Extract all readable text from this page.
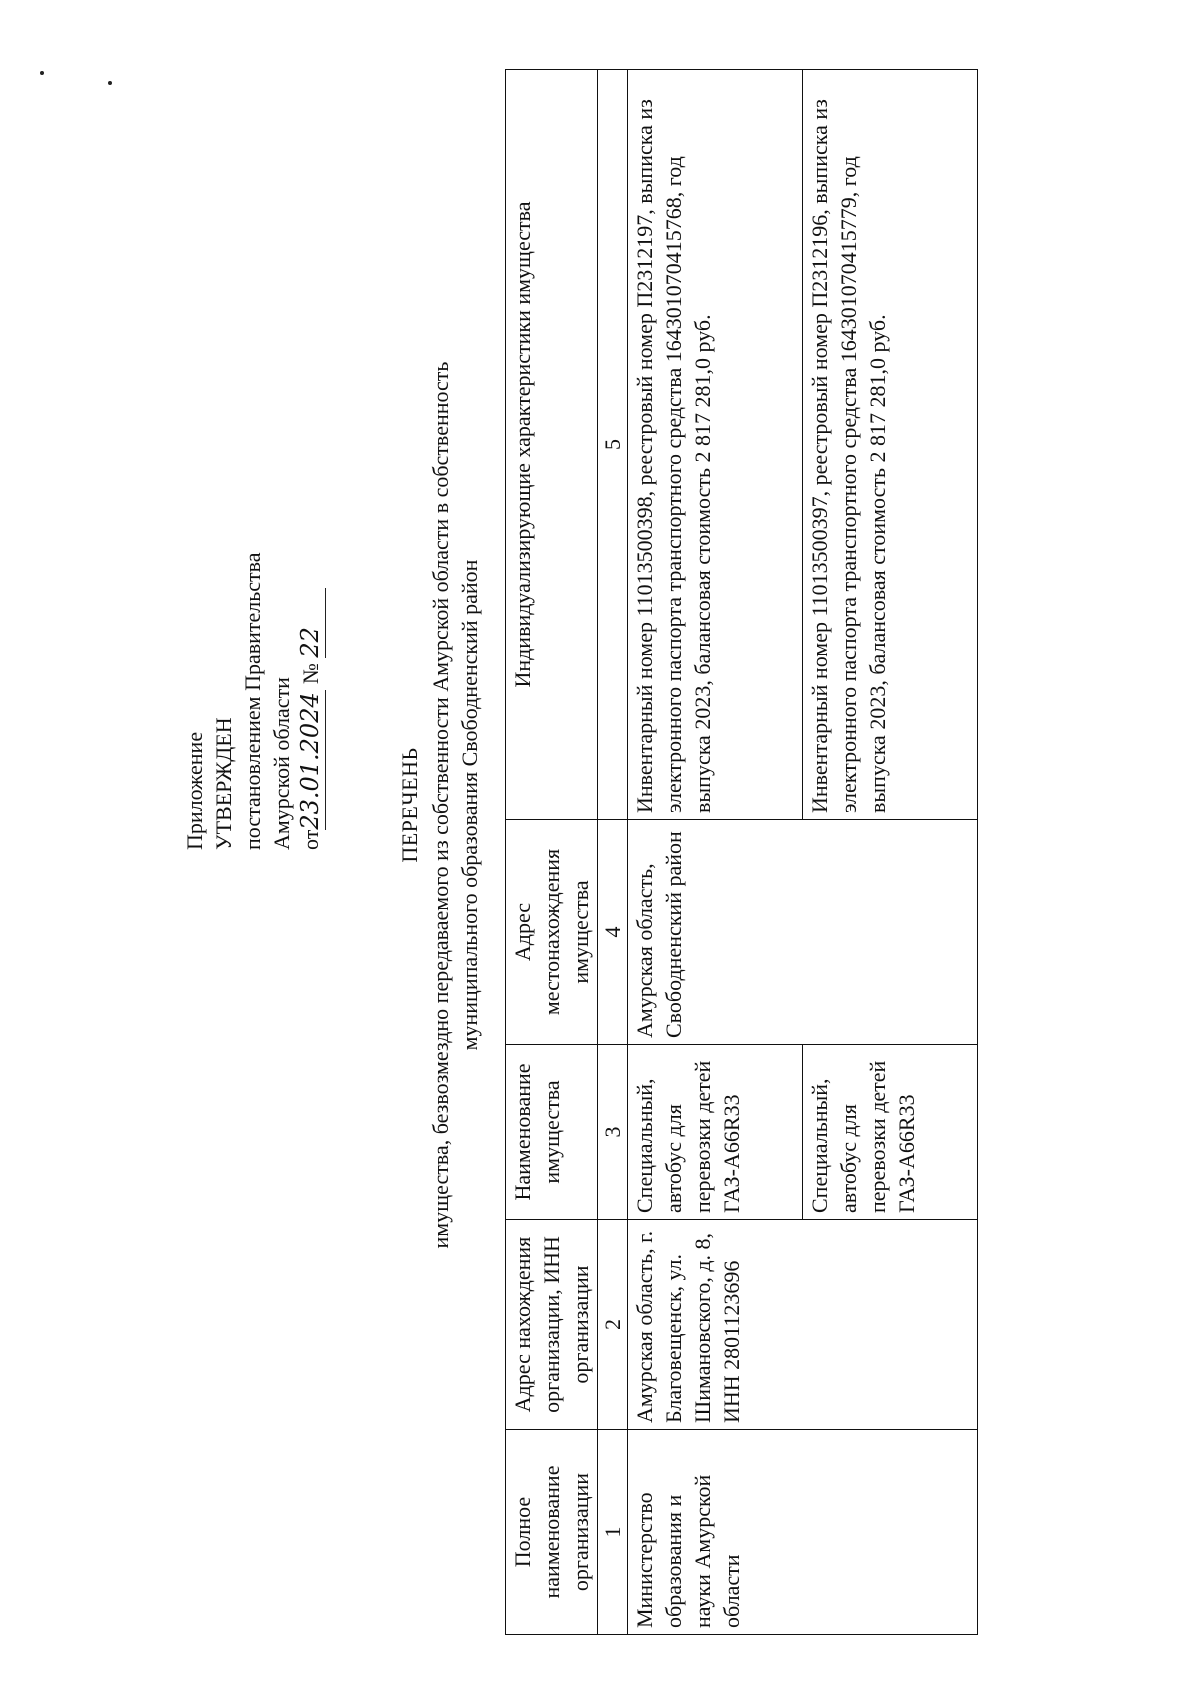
Приложение УТВЕРЖДЕН постановлением Правительства Амурской области от23.01.2024 № 22
ПЕРЕЧЕНЬ имущества, безвозмездно передаваемого из собственности Амурской области в собственность муниципального образования Свободненский район
Полное наименование организации	Адрес нахождения организации, ИНН организации	Наименование имущества	Адрес местонахождения имущества	Индивидуализирующие характеристики имущества
1	2	3	4	5
Министерство образования и науки Амурской области	Амурская область, г. Благовещенск, ул. Шимановского, д. 8, ИНН 2801123696	Специальный, автобус для перевозки детей ГАЗ-А66R33	Амурская область, Свободненский район	Инвентарный номер 11013500398, реестровый номер П2312197, выписка из электронного паспорта транспортного средства 164301070415768, год выпуска 2023, балансовая стоимость 2 817 281,0 руб.
		Специальный, автобус для перевозки детей ГАЗ-А66R33		Инвентарный номер 11013500397, реестровый номер П2312196, выписка из электронного паспорта транспортного средства 164301070415779, год выпуска 2023, балансовая стоимость 2 817 281,0 руб.
